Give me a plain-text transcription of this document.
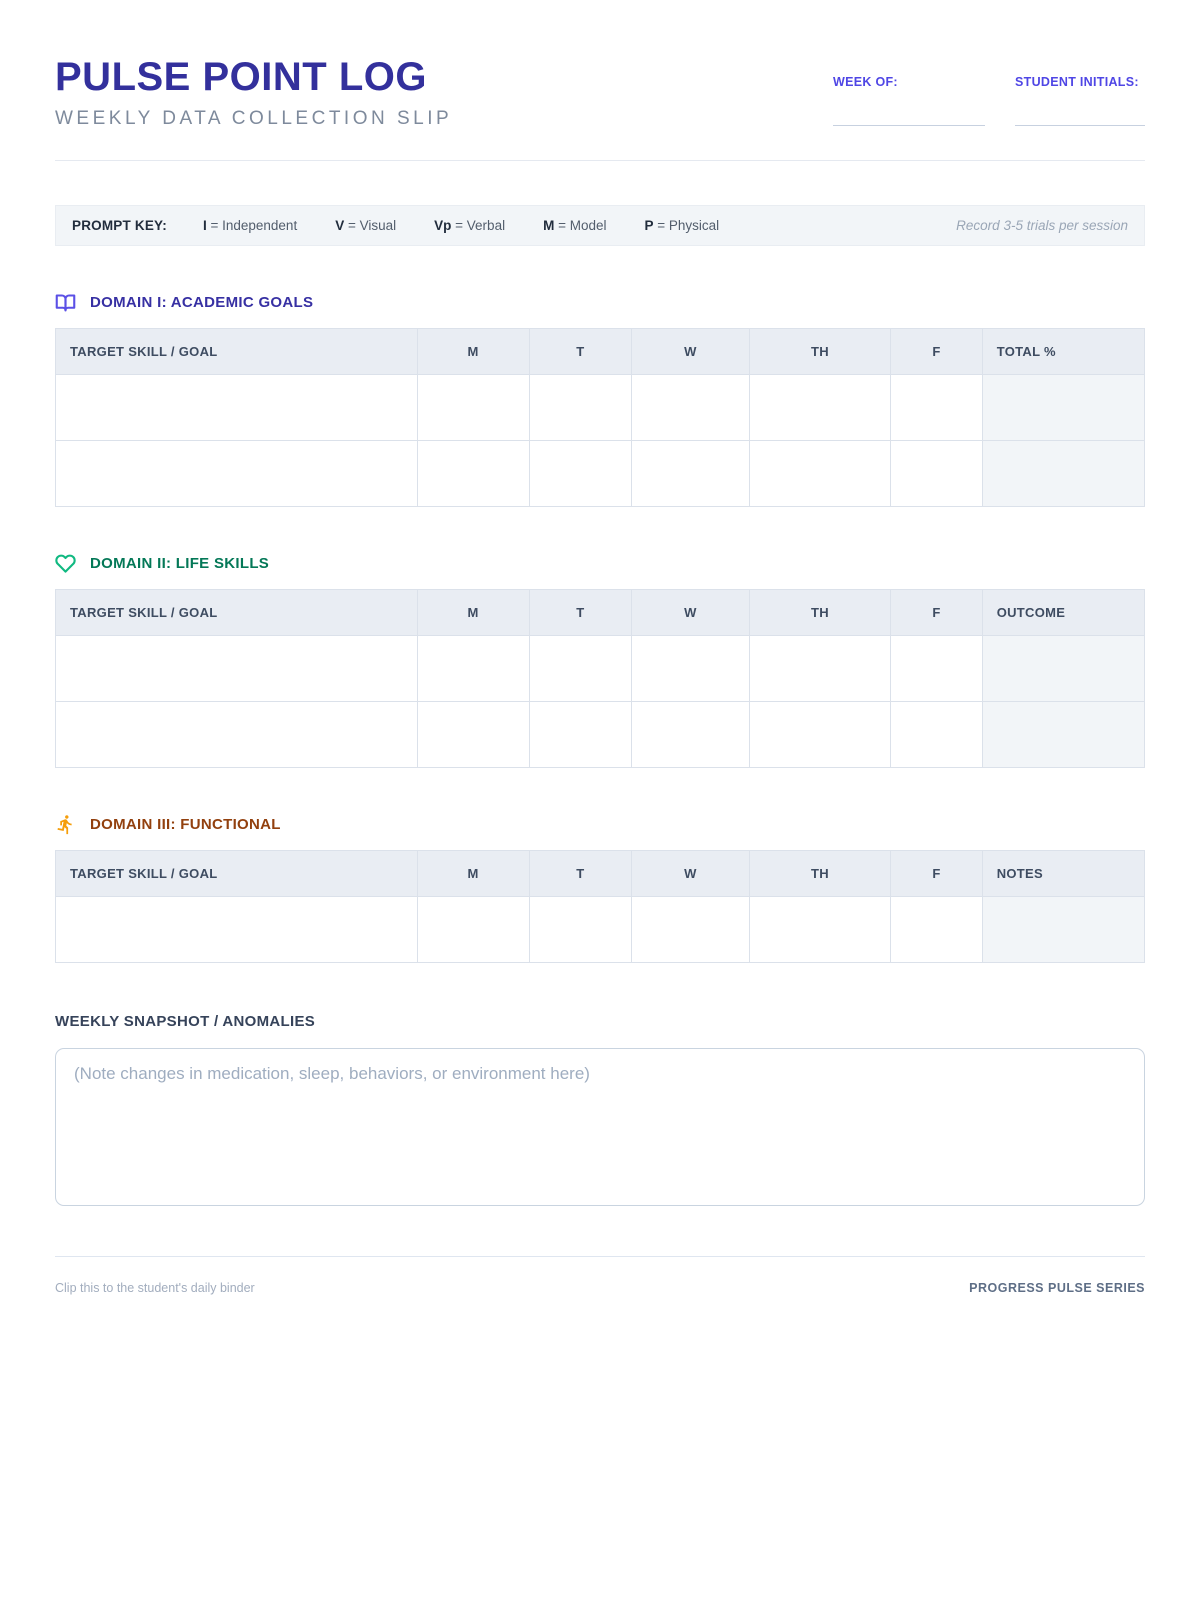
PULSE POINT LOG
WEEKLY DATA COLLECTION SLIP
WEEK OF:	STUDENT INITIALS:
PROMPT KEY:	I = Independent	V = Visual	Vp = Verbal	M = Model	P = Physical	Record 3-5 trials per session
DOMAIN I: ACADEMIC GOALS
TARGET SKILL / GOAL	M	T	W	TH	F	TOTAL %

DOMAIN II: LIFE SKILLS
TARGET SKILL / GOAL	M	T	W	TH	F	OUTCOME

DOMAIN III: FUNCTIONAL
TARGET SKILL / GOAL	M	T	W	TH	F	NOTES

WEEKLY SNAPSHOT / ANOMALIES
(Note changes in medication, sleep, behaviors, or environment here)
Clip this to the student's daily binder	PROGRESS PULSE SERIES
